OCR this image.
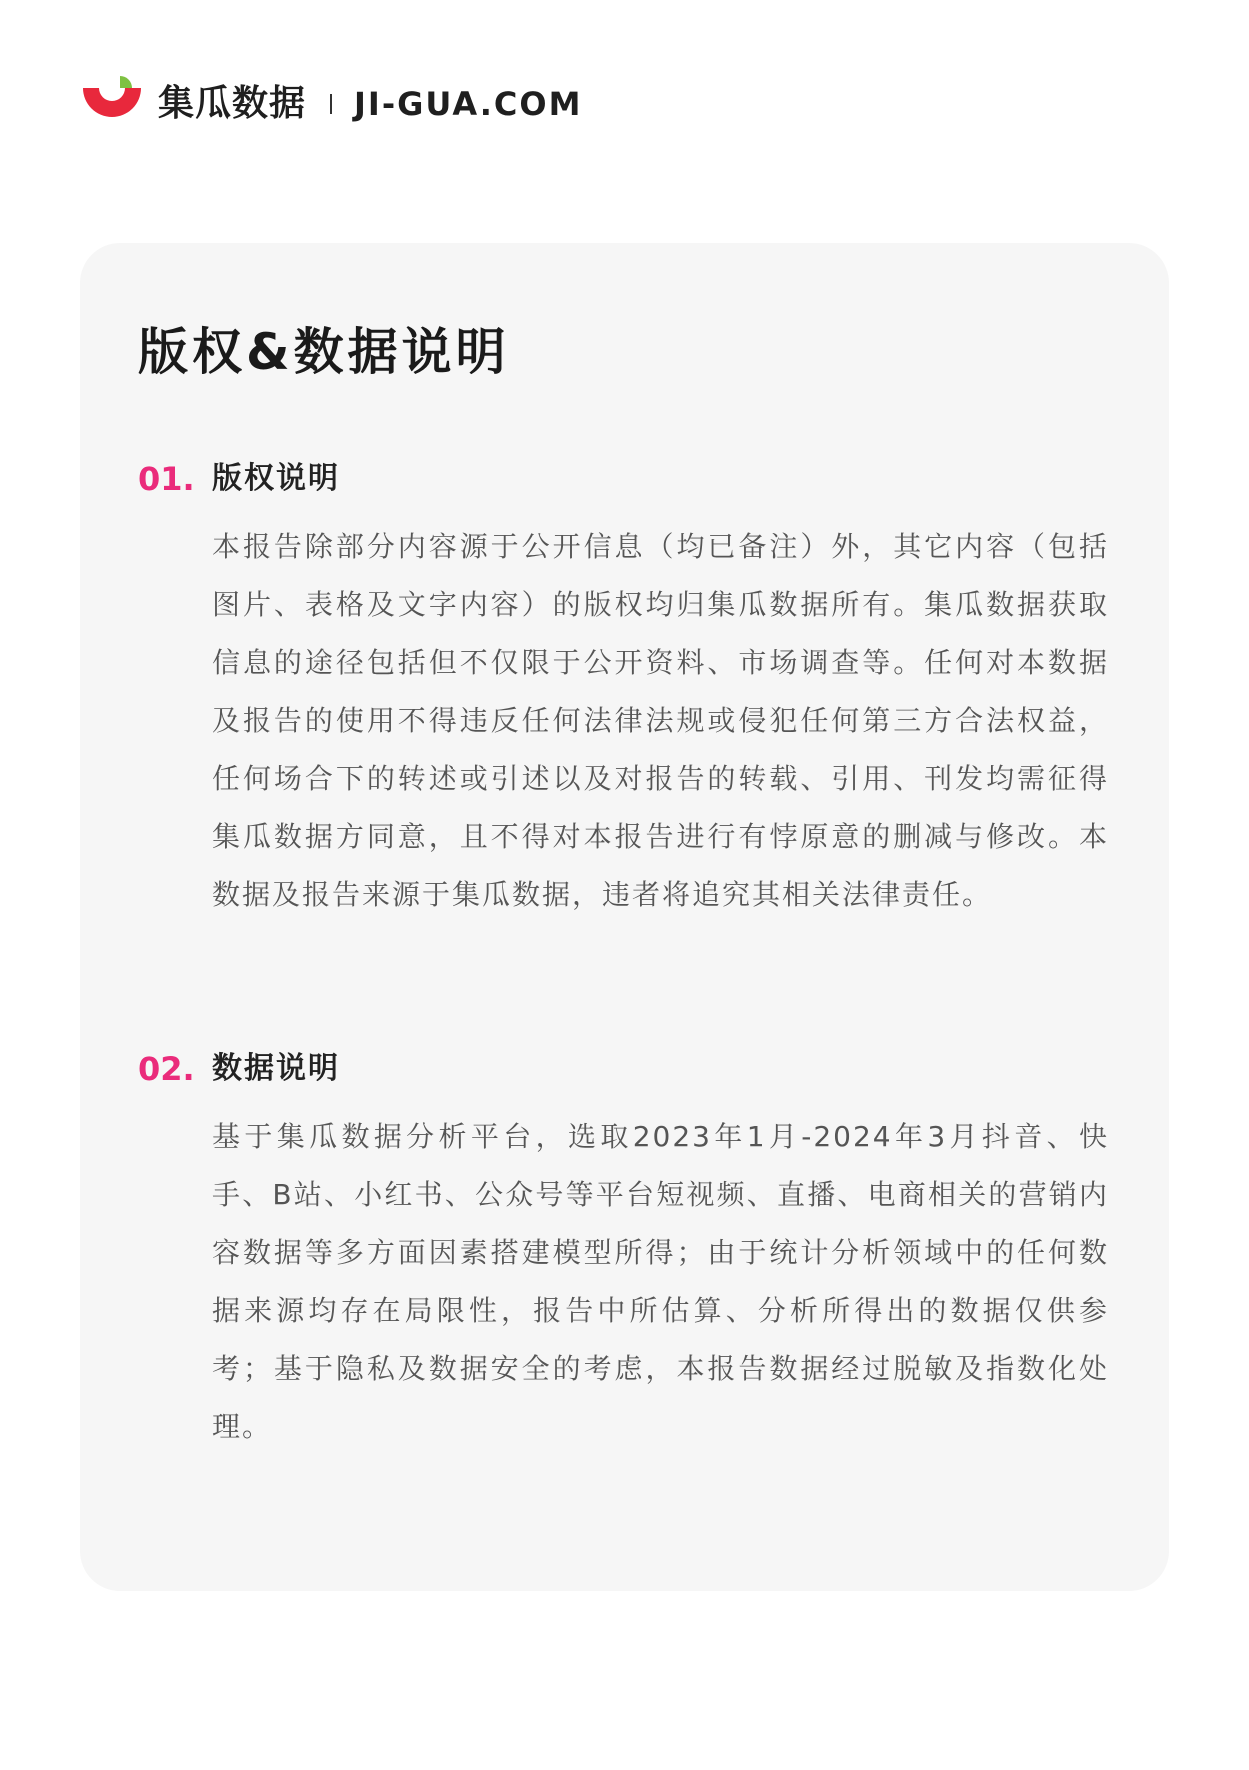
集瓜数据 JI-GUA.COM
版权&数据说明
01. 版权说明

本报告除部分内容源于公开信息（均已备注）外，其它内容（包括图片、表格及文字内容）的版权均归集瓜数据所有。集瓜数据获取信息的途径包括但不仅限于公开资料、市场调查等。任何对本数据及报告的使用不得违反任何法律法规或侵犯任何第三方合法权益，任何场合下的转述或引述以及对报告的转载、引用、刊发均需征得集瓜数据方同意，且不得对本报告进行有悖原意的删减与修改。本数据及报告来源于集瓜数据，违者将追究其相关法律责任。

02. 数据说明

基于集瓜数据分析平台，选取2023年1月-2024年3月抖音、快手、B站、小红书、公众号等平台短视频、直播、电商相关的营销内容数据等多方面因素搭建模型所得；由于统计分析领域中的任何数据来源均存在局限性，报告中所估算、分析所得出的数据仅供参考；基于隐私及数据安全的考虑，本报告数据经过脱敏及指数化处理。
